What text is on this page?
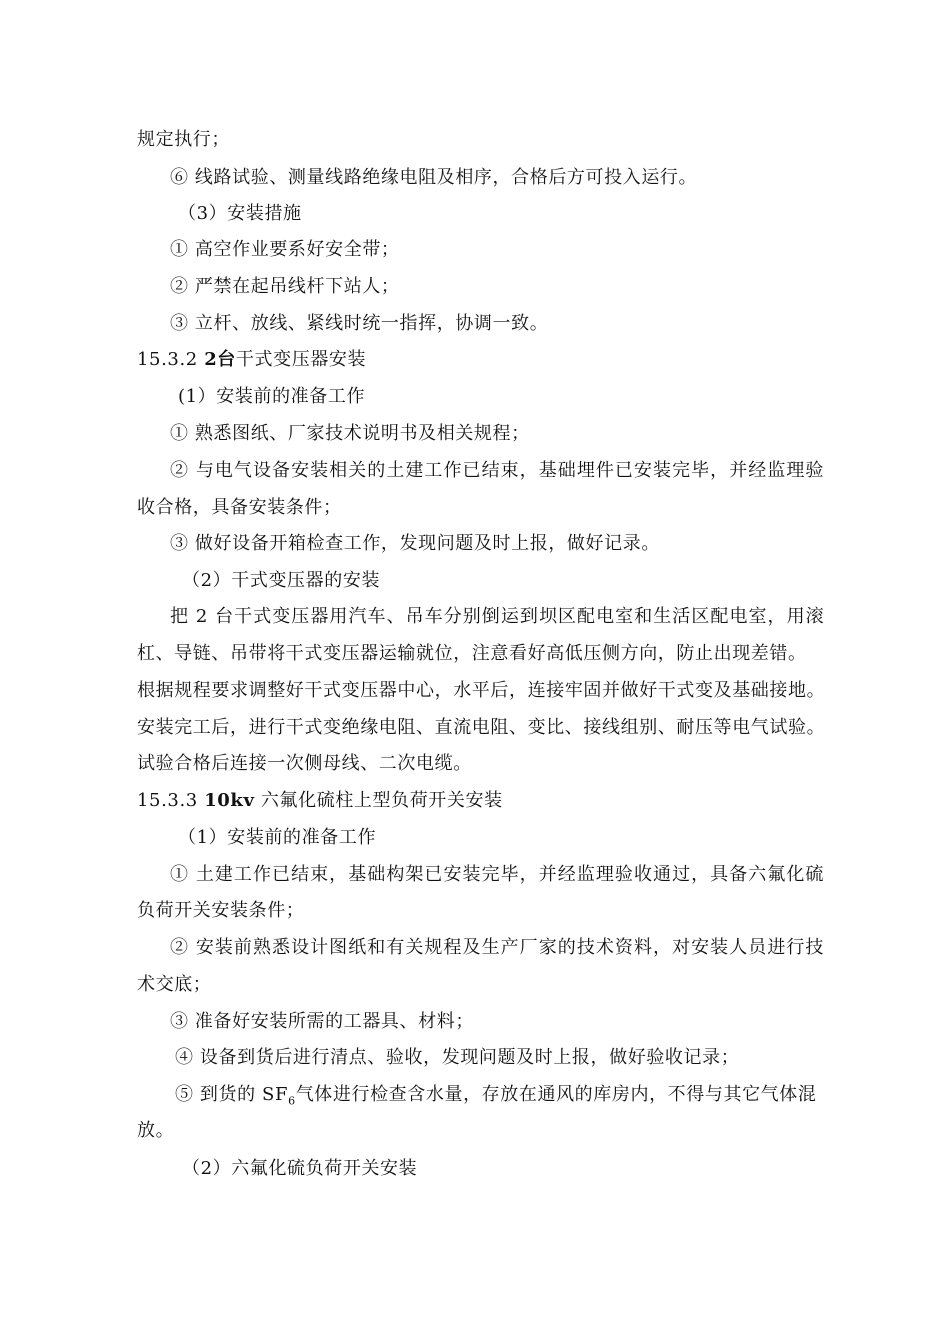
规定执行；

⑥ 线路试验、测量线路绝缘电阻及相序，合格后方可投入运行。

（3）安装措施

① 高空作业要系好安全带；

② 严禁在起吊线杆下站人；

③ 立杆、放线、紧线时统一指挥，协调一致。

15.3.2 2台干式变压器安装

(1）安装前的准备工作

① 熟悉图纸、厂家技术说明书及相关规程；

② 与电气设备安装相关的土建工作已结束，基础埋件已安装完毕，并经监理验

收合格，具备安装条件；

③ 做好设备开箱检查工作，发现问题及时上报，做好记录。

（2）干式变压器的安装

把 2 台干式变压器用汽车、吊车分别倒运到坝区配电室和生活区配电室，用滚

杠、导链、吊带将干式变压器运输就位，注意看好高低压侧方向，防止出现差错。

根据规程要求调整好干式变压器中心，水平后，连接牢固并做好干式变及基础接地。

安装完工后，进行干式变绝缘电阻、直流电阻、变比、接线组别、耐压等电气试验。

试验合格后连接一次侧母线、二次电缆。

15.3.3 10kv 六氟化硫柱上型负荷开关安装

（1）安装前的准备工作

① 土建工作已结束，基础构架已安装完毕，并经监理验收通过，具备六氟化硫

负荷开关安装条件；

② 安装前熟悉设计图纸和有关规程及生产厂家的技术资料，对安装人员进行技

术交底；

③ 准备好安装所需的工器具、材料；

④ 设备到货后进行清点、验收，发现问题及时上报，做好验收记录；

⑤ 到货的 $SF_6$气体进行检查含水量，存放在通风的库房内，不得与其它气体混

放。

（2）六氟化硫负荷开关安装
